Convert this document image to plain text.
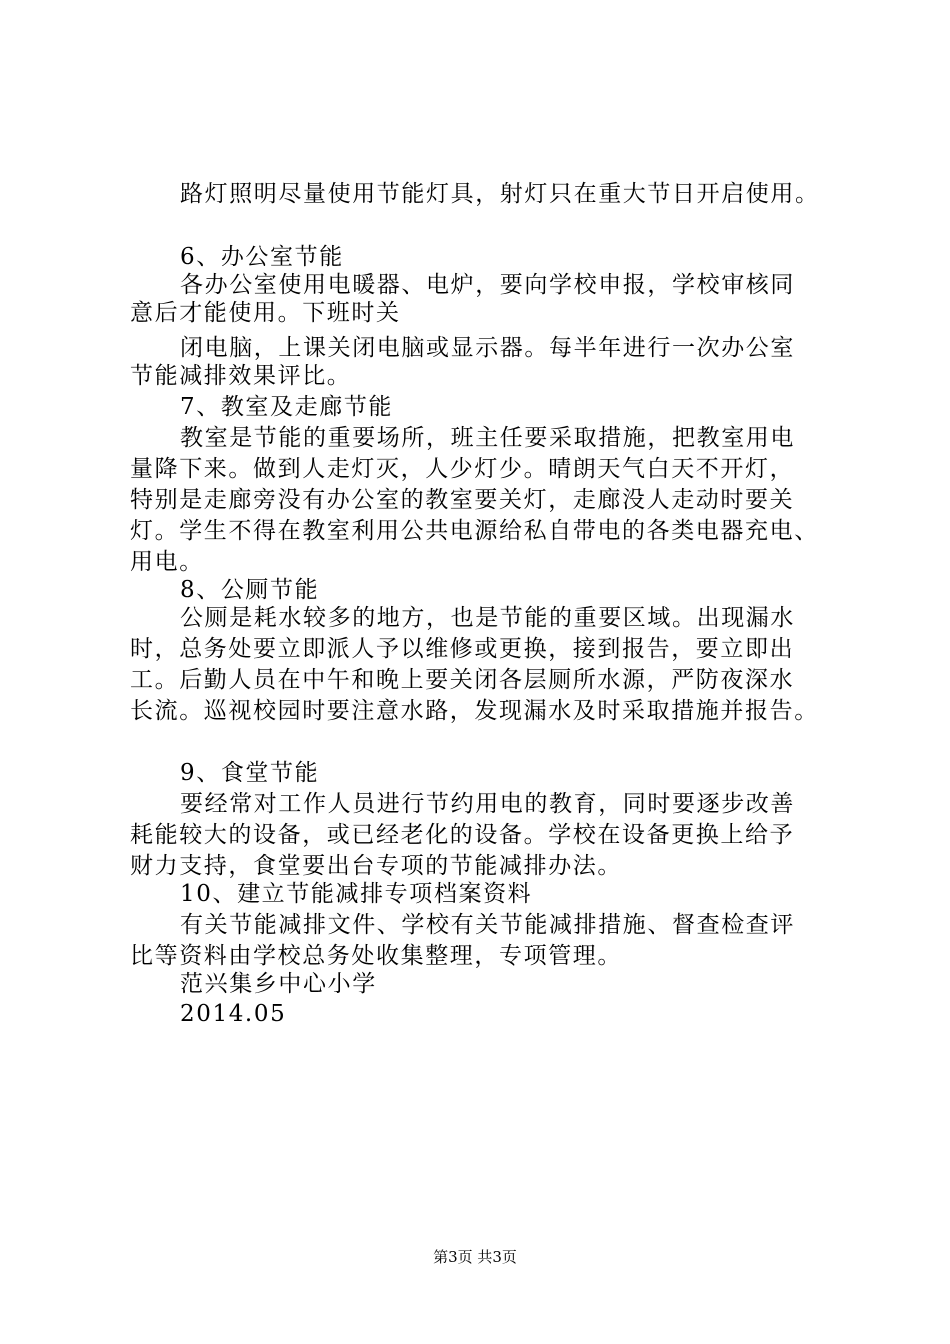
路灯照明尽量使用节能灯具，射灯只在重大节日开启使用。
6、办公室节能
各办公室使用电暖器、电炉，要向学校申报，学校审核同
意后才能使用。下班时关
闭电脑，上课关闭电脑或显示器。每半年进行一次办公室
节能减排效果评比。
7、教室及走廊节能
教室是节能的重要场所，班主任要采取措施，把教室用电
量降下来。做到人走灯灭，人少灯少。晴朗天气白天不开灯，
特别是走廊旁没有办公室的教室要关灯，走廊没人走动时要关
灯。学生不得在教室利用公共电源给私自带电的各类电器充电、
用电。
8、公厕节能
公厕是耗水较多的地方，也是节能的重要区域。出现漏水
时，总务处要立即派人予以维修或更换，接到报告，要立即出
工。后勤人员在中午和晚上要关闭各层厕所水源，严防夜深水
长流。巡视校园时要注意水路，发现漏水及时采取措施并报告。
9、食堂节能
要经常对工作人员进行节约用电的教育，同时要逐步改善
耗能较大的设备，或已经老化的设备。学校在设备更换上给予
财力支持，食堂要出台专项的节能减排办法。
10、建立节能减排专项档案资料
有关节能减排文件、学校有关节能减排措施、督查检查评
比等资料由学校总务处收集整理，专项管理。
范兴集乡中心小学
2014.05
第3页 共3页
